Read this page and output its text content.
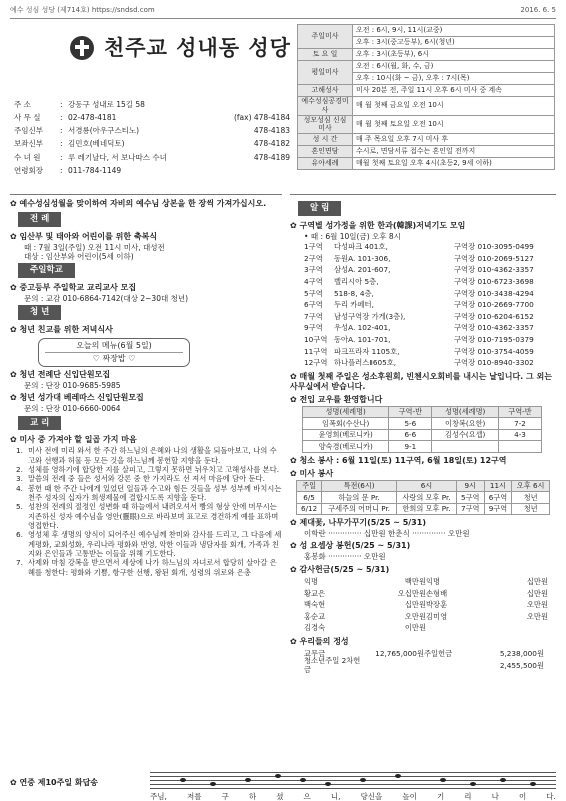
예수 성심 성당 (제714호) https://sndsd.com	2016. 6. 5
천주교 성내동 성당
주 소	: 강동구 성내로 15길 58
사 무 실	: 02-478-4181	(fax) 478-4184
주임신부	: 서경룡(아우구스티노)	478-4183
보좌신부	: 김민호(베네딕토)	478-4182
수 녀 원	: 루 레기날다, 서 보나따스 수녀	478-4189
연령회장	: 011-784-1149
주일미사	오전 : 6시, 9시, 11시(교중)
	오후 : 3시(중고등부), 6시(청년)
토 요 일	오후 : 3시(초등부), 6시
평일미사	오전 : 6시(월, 화, 수, 금)
	오후 : 10시(화 ~ 금), 오후 : 7시(목)
고해성사	미사 20분 전, 주일 11시 오후 6시 미사 중 계속
예수성심공경미사	매 월 첫째 금요일 오전 10시
성모성심 신심미사	매 월 첫째 토요일 오전 10시
성 시 간	매 주 목요일 오후 7시 미사 후
혼인면담	수시로, 면담서류 접수는 혼인일 전까지
유아세례	매월 첫째 토요일 오후 4시(초등2, 9세 이하)
✿ 예수성심성월을 맞이하여 자비의 예수님 상본을 한 장씩 가져가십시오.
전 례
✿ 임산부 및 태아와 어린이를 위한 축복식
때 : 7월 3일(주일) 오전 11시 미사, 대성전
대상 : 임산부와 어린이(5세 이하)
주일학교
✿ 중고등부 주일학교 교리교사 모집
문의 : 교감 010-6864-7142(대상 2~30대 청년)
청 년
✿ 청년 친교를 위한 저녁식사
오늘의 메뉴(6월 5일)
♡ 짜장밥 ♡
✿ 청년 전례단 신입단원모집
문의 : 단장 010-9685-5985
✿ 청년 성가대 베레따스 신입단원모집
문의 : 단장 010-6660-0064
교 리
✿ 미사 중 가져야 할 일곱 가지 마음
1. 미사 전에 미리 와서 한 주간 하느님의 은혜와 나의 생활을 되돌아보고, 나의 수고와 선행과 허물 등 모든 것을 하느님께 봉헌할 지향을 둔다.
2. 성체를 영하기에 합당한 지를 살피고, 그렇지 못하면 뉘우치고 고해성사를 본다.
3. 말씀의 전례 중 들은 성서와 강론 중 한 가지라도 선 져서 마음에 담아 둔다.
4. 봉헌 때 한 주간 나에게 있었던 일들과 수고와 힘든 것들을 성부 성부께 바치시는 천주 성자의 십자가 희생제물에 결합시도록 지향을 둔다.
5. 성찬의 전례의 절정인 성변화 때 하늘에서 내려오셔서 빵의 형상 안에 머무시는 지존하신 성자 예수님을 영안(靈眼)으로 바라보며 표고로 경건하게 예를 표하며 영접한다.
6. 영성체 후 생명의 양식이 되어주신 예수님께 찬미와 감사를 드리고, 그 다음에 세계평화, 교회성화, 우리나라 평화와 번영, 악한 이들과 냉담자를 회개, 가족과 친지와 은인들과 고통받는 이들을 위해 기도한다.
7. 사제와 마침 강복을 받으면서 세상에 나가 하느님의 자녀로서 합당히 살아갈 은혜를 청한다: 평화와 기쁨, 항구한 선행, 왕된 회개, 성령의 위로와 은총
알 림
✿ 구역별 성가정을 위한 한과(韓課)저녁기도 모임
• 때 : 6월 10일(금) 오후 8시
1구역	다성파크 401호,	구역장 010-3095-0499
2구역	동원A. 101-306,	구역장 010-2069-5127
3구역	삼성A. 201-607,	구역장 010-4362-3357
4구역	벨리시아 5층,	구역장 010-6723-3698
5구역	518-8, 4층,	구역장 010-3438-4294
6구역	두리 카페터,	구역장 010-2669-7700
7구역	남성구역장 가게(3층),	구역장 010-6204-6152
9구역	우성A. 102-401,	구역장 010-4362-3357
10구역 동아A. 101-701,	구역장 010-7195-0379
11구역 파크프라자 1105호,	구역장 010-3754-4059
12구역 하나플러스Ⅱ605호,	구역장 010-8940-3302
✿ 매월 첫째 주일은 성소후원회, 빈첸시오회비를 내시는 날입니다. 그 외는 사무실에서 받습니다.
✿ 전입 교우를 환영합니다
성명(세례명)	구역-반	성명(세례명)	구역-반
임폭회(수산나)	5-6	이창복(요한)	7-2
윤영희(베로니카)	6-6	김성수(요셉)	4-3
양숙경(베로니카)	9-1		
✿ 청소 봉사 : 6월 11일(토) 11구역, 6월 18일(토) 12구역
✿ 미사 봉사
주일	특전(6시)	6시	9시	11시	오후 6시
6/5	하늘의 문 Pr.	사랑의 모후 Pr.	5구역	6구역	청년
6/12	구세주의 어머니 Pr.	한희의 모후 Pr.	7구역	9구역	청년
✿ 제대꽃, 나무가꾸기(5/25 ~ 5/31)
이학란 ·············· 십만원 한춘식 ·············· 오만원
✿ 성 요셉상 봉헌(5/25 ~ 5/31)
홍봉화 ·············· 오만원
✿ 감사헌금(5/25 ~ 5/31)
익명	백만원 익명	십만원
황교은	오십만원 손형배	십만원
백숙현	십만원 박장훈	오만원
홍순교	오만원 김미영	오만원
김경숙	이만원
✿ 우리들의 정성
교무금	12,765,000원 주일헌금	5,238,000원
청소년주일 2차헌금
2,455,500원
✿ 연중 제10주일 화답송
주님,	저를	구	하	셨	으	니,	당신을	높이	기	리	나	이	다.
